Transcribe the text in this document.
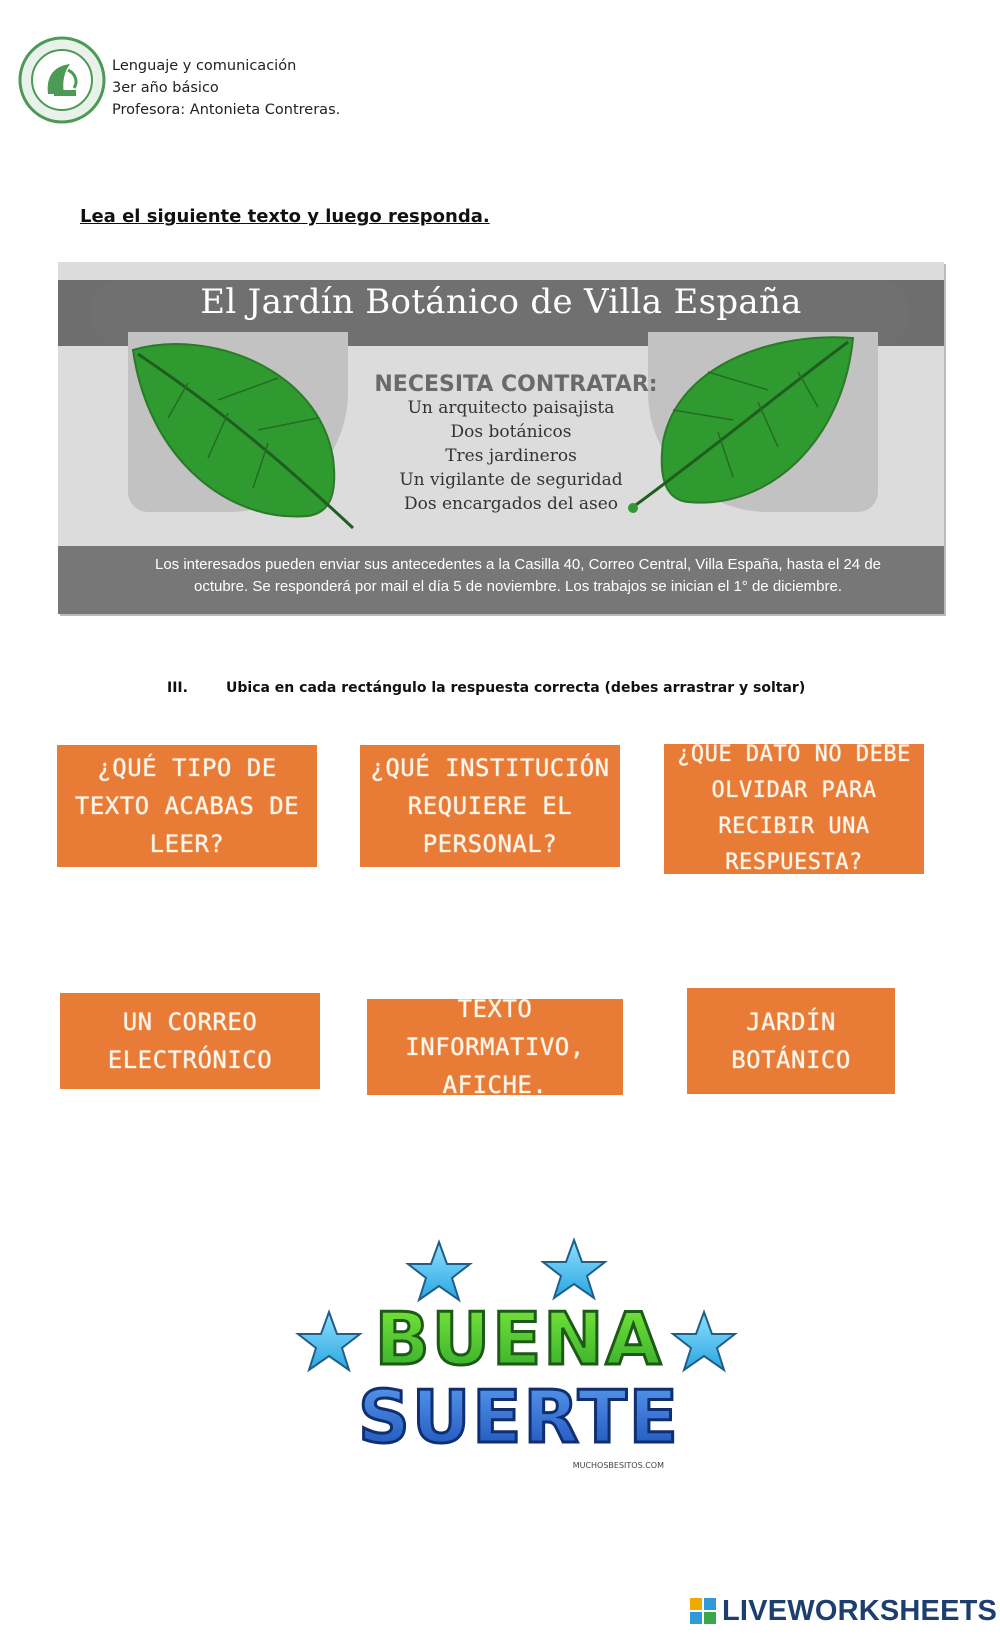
Lenguaje y comunicación
3er año básico
Profesora: Antonieta Contreras.
Lea el siguiente texto y luego responda.
El Jardín Botánico de Villa España
NECESITA CONTRATAR:
Un arquitecto paisajista
Dos botánicos
Tres jardineros
Un vigilante de seguridad
Dos encargados del aseo
Los interesados pueden enviar sus antecedentes a la Casilla 40, Correo Central, Villa España, hasta el 24 de octubre. Se responderá por mail el día 5 de noviembre. Los trabajos se inician el 1° de diciembre.
III.	Ubica en cada rectángulo la respuesta correcta (debes arrastrar y soltar)
¿QUÉ TIPO DE TEXTO ACABAS DE LEER?
¿QUÉ INSTITUCIÓN REQUIERE EL PERSONAL?
¿QUÉ DATO NO DEBE OLVIDAR PARA RECIBIR UNA RESPUESTA?
UN CORREO ELECTRÓNICO
TEXTO INFORMATIVO, AFICHE.
JARDÍN BOTÁNICO
BUENA
SUERTE
MUCHOSBESITOS.COM
LIVEWORKSHEETS
